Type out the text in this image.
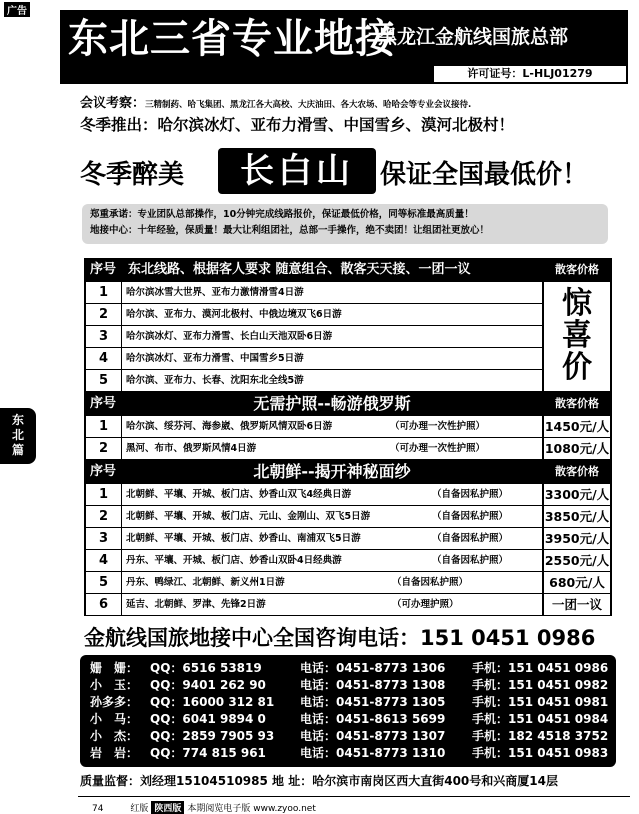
广告
东北三省专业地接
黑龙江金航线国旅总部
许可证号：L-HLJ01279
会议考察：三精制药、哈飞集团、黑龙江各大高校、大庆油田、各大农场、哈哈会等专业会议接待.
冬季推出：哈尔滨冰灯、亚布力滑雪、中国雪乡、漠河北极村！
冬季醉美	长白山	保证全国最低价！
郑重承诺：专业团队总部操作，10分钟完成线路报价，保证最低价格，同等标准最高质量！
地接中心：十年经验，保质量！最大让利组团社，总部一手操作，绝不卖团！让组团社更放心！
序号 东北线路、根据客人要求 随意组合、散客天天接、一团一议	散客价格
1	哈尔滨冰雪大世界、亚布力激情滑雪4日游
2	哈尔滨、亚布力、漠河北极村、中俄边境双飞6日游
3	哈尔滨冰灯、亚布力滑雪、长白山天池双卧6日游
4	哈尔滨冰灯、亚布力滑雪、中国雪乡5日游
5	哈尔滨、亚布力、长春、沈阳东北全线5游
惊
喜
价
序号	无需护照--畅游俄罗斯	散客价格
1	哈尔滨、绥芬河、海参崴、俄罗斯风情双卧6日游	（可办理一次性护照）	1450元/人
2	黑河、布市、俄罗斯风情4日游	（可办理一次性护照）	1080元/人
序号	北朝鲜--揭开神秘面纱	散客价格
1	北朝鲜、平壤、开城、板门店、妙香山双飞4经典日游	（自备因私护照）	3300元/人
2	北朝鲜、平壤、开城、板门店、元山、金刚山、双飞5日游	（自备因私护照）	3850元/人
3	北朝鲜、平壤、开城、板门店、妙香山、南浦双飞5日游	（自备因私护照）	3950元/人
4	丹东、平壤、开城、板门店、妙香山双卧4日经典游	（自备因私护照）	2550元/人
5	丹东、鸭绿江、北朝鲜、新义州1日游	（自备因私护照）	680元/人
6	延吉、北朝鲜、罗津、先锋2日游	（可办理护照）	一团一议
东
北
篇
金航线国旅地接中心全国咨询电话：151 0451 0986
姗　姗： QQ：6516 53819	电话：0451-8773 1306 手机：151 0451 0986
小　玉： QQ：9401 262 90	电话：0451-8773 1308 手机：151 0451 0982
孙多多： QQ：16000 312 81 电话：0451-8773 1305 手机：151 0451 0981
小　马： QQ：6041 9894 0	电话：0451-8613 5699 手机：151 0451 0984
小　杰： QQ：2859 7905 93 电话：0451-8773 1307 手机：182 4518 3752
岩　岩： QQ：774 815 961	电话：0451-8773 1310 手机：151 0451 0983
质量监督：刘经理15104510985 地 址：哈尔滨市南岗区西大直街400号和兴商厦14层
74	红版 陕西版 本期阅览电子版 www.zyoo.net
